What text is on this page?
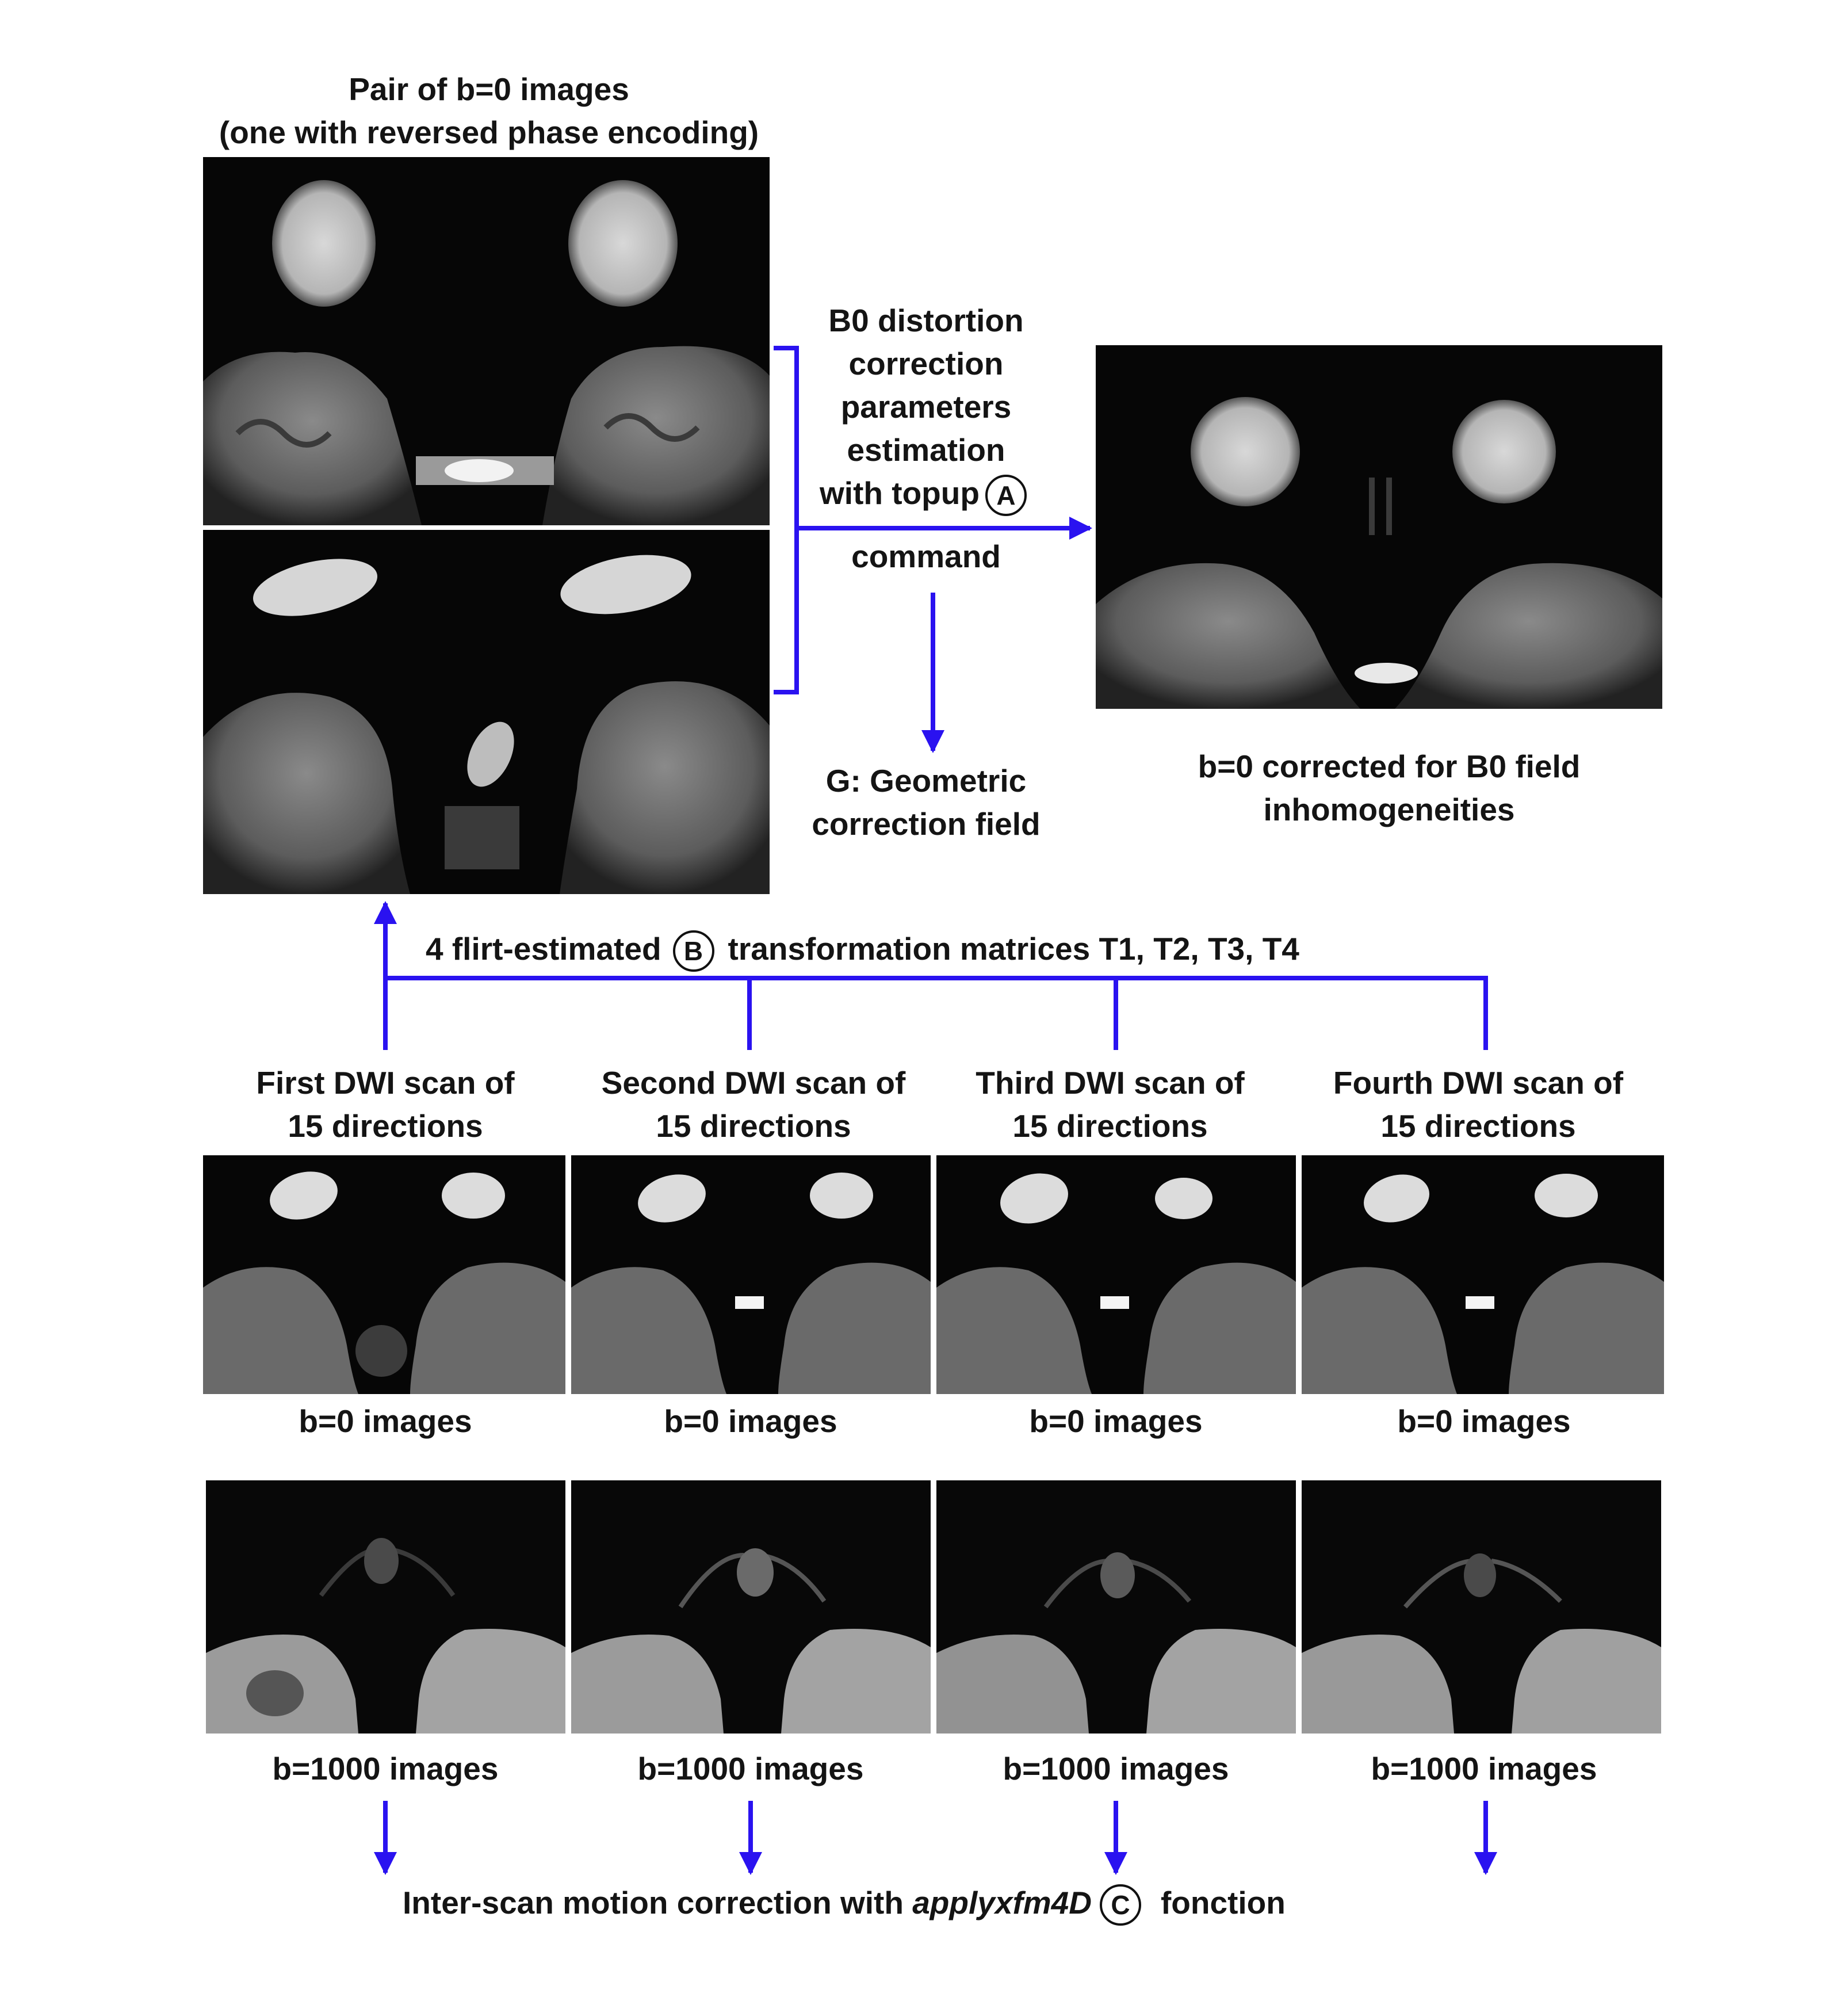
Pair of b=0 images
(one with reversed phase encoding)
B0 distortion
correction
parameters
estimation
with topup A
command
G: Geometric
correction field
b=0 corrected for B0 field
inhomogeneities
4 flirt-estimated B transformation matrices T1, T2, T3, T4
First DWI scan of
15 directions
Second DWI scan of
15 directions
Third DWI scan of
15 directions
Fourth DWI scan of
15 directions
b=0 images	b=0 images	b=0 images	b=0 images
b=1000 images	b=1000 images	b=1000 images	b=1000 images
Inter-scan motion correction with applyxfm4D C fonction
